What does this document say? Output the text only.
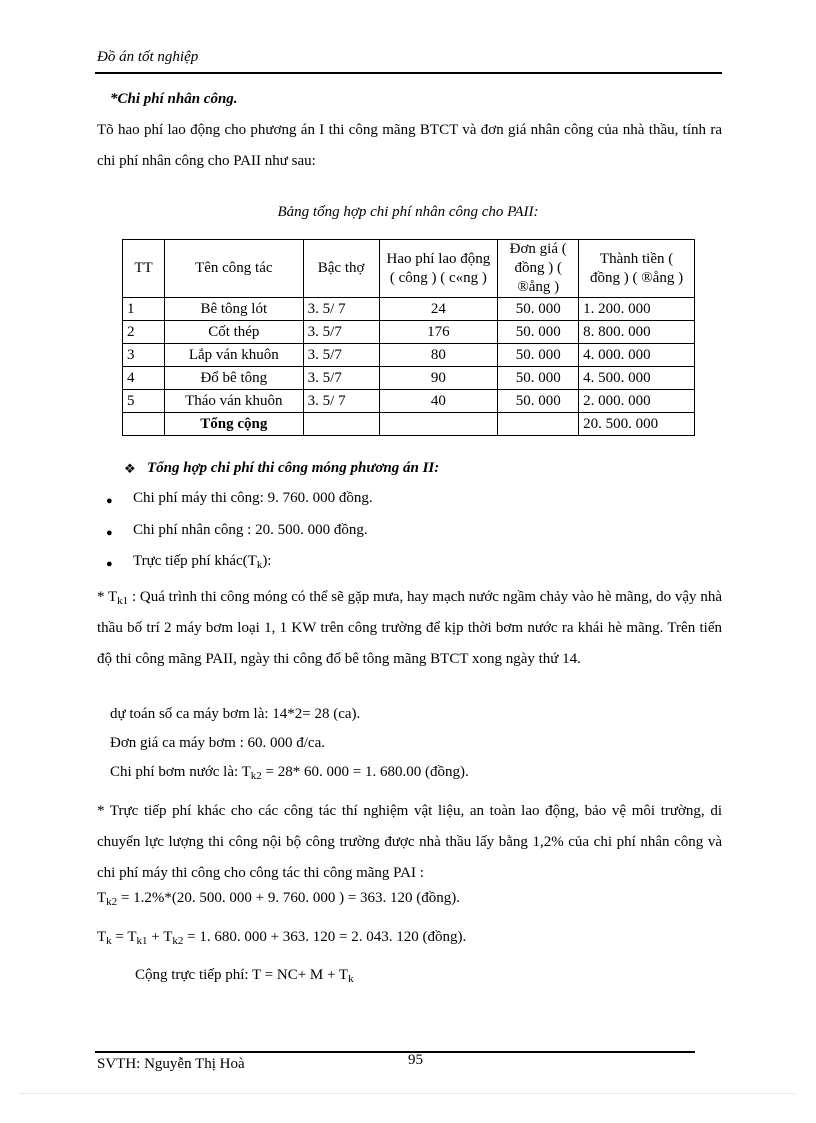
Đồ án tốt nghiệp
*Chi phí nhân công.
Tõ hao phí lao động cho phương án I thi công mãng BTCT và đơn giá nhân công của nhà thầu, tính ra chi phí nhân công cho PAII như sau:
Bảng tổng hợp chi phí nhân công cho PAII:
TT	Tên công tác	Bậc thợ	Hao phí lao động ( công ) ( c«ng )	Đơn giá ( đồng ) ( ®ång )	Thành tiền ( đồng ) ( ®ång )
1	Bê tông lót	3. 5/ 7	24	50. 000	1. 200. 000
2	Cốt thép	3. 5/7	176	50. 000	8. 800. 000
3	Lắp ván khuôn	3. 5/7	80	50. 000	4. 000. 000
4	Đổ bê tông	3. 5/7	90	50. 000	4. 500. 000
5	Tháo ván khuôn	3. 5/ 7	40	50. 000	2. 000. 000
	Tổng cộng				20. 500. 000
❖ Tổng hợp chi phí thi công móng phương án II:
● Chi phí máy thi công: 9. 760. 000 đồng.
● Chi phí nhân công : 20. 500. 000 đồng.
● Trực tiếp phí $khác(T_k)$:
* $T_{k1}$ : Quá trình thi công móng có thể sẽ gặp mưa, hay mạch nước ngầm chảy vào hè mãng, do vậy nhà thầu bố trí 2 máy bơm loại 1, 1 KW trên công trường để kịp thời bơm nước ra khái hè mãng. Trên tiến độ thi công mãng PAII, ngày thi công đổ bê tông mãng BTCT xong ngày thứ 14.
dự toán số ca máy bơm là: 14*2= 28 (ca).
Đơn giá ca máy bơm : 60. 000 đ/ca.
Chi phí bơm nước là: $T_{k2} = 28*$ 60. 000 = 1. 680.00 (đồng).
* Trực tiếp phí khác cho các công tác thí nghiệm vật liệu, an toàn lao động, bảo vệ môi trường, di chuyển lực lượng thi công nội bộ công trường được nhà thầu lấy bằng 1,2% của chi phí nhân công và chi phí máy thi công cho công tác thi công mãng PAI :
$T_{k2} = 1.2\%*(20$. 500. 000 + 9. 760. 000 ) = 363. 120 (đồng).
$T_k = T_{k1} + T_{k2} = 1$. 680. 000 + 363. 120 = 2. 043. 120 (đồng).
Cộng trực tiếp phí: $T = NC+ M + T_k$
95
SVTH: Nguyễn Thị Hoà
